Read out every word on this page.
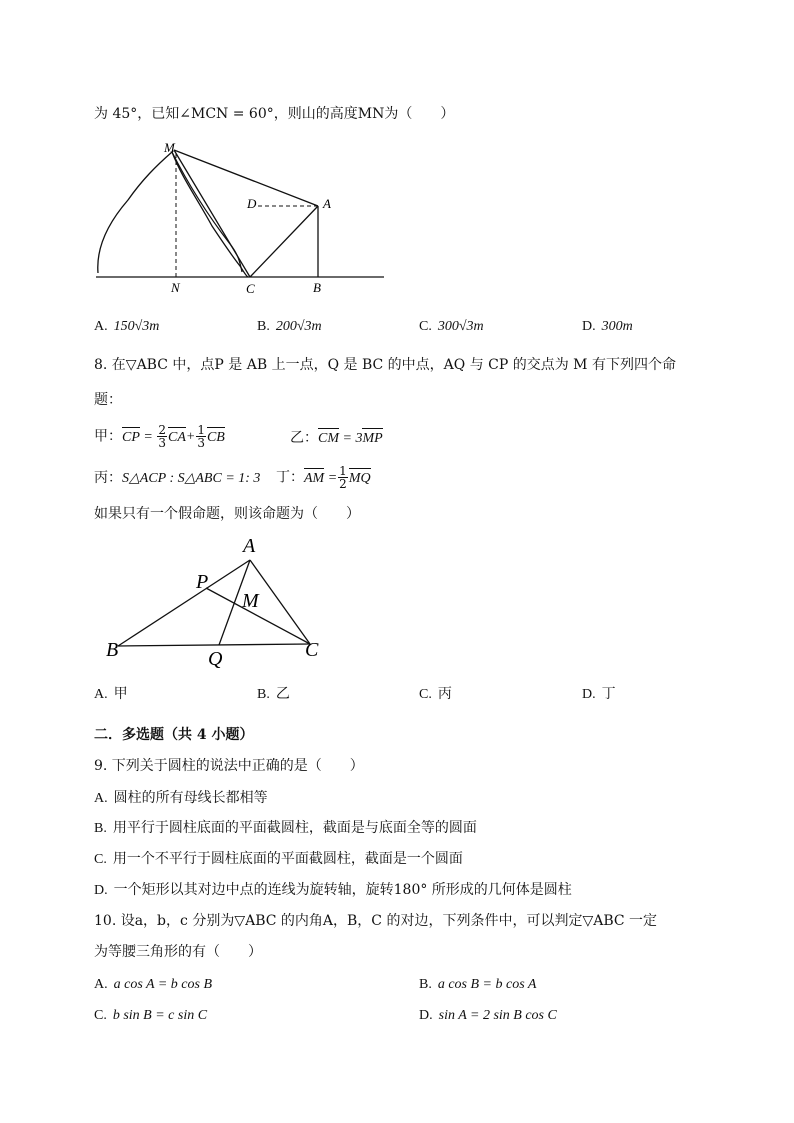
为 45°，已知∠MCN = 60°，则山的高度MN为（　　）
M
D	A
N	C	B
A. 150√3m	B. 200√3m	C. 300√3m	D. 300m
8. 在▽ABC 中，点P 是 AB 上一点，Q 是 BC 的中点，AQ 与 CP 的交点为 M 有下列四个命
题：
甲：CP = $\frac{2}{3} CA+ \frac{1}{3}$ CB	乙：CM = 3MP
丙：S△ACP : S△ABC = 1: 3 丁：AM = $\frac{1}{2}$ MQ
如果只有一个假命题，则该命题为（　　）
A
P
M
B	Q	C
A. 甲	B. 乙	C. 丙	D. 丁
二．多选题（共 4 小题）
9. 下列关于圆柱的说法中正确的是（　　）
A. 圆柱的所有母线长都相等
B. 用平行于圆柱底面的平面截圆柱，截面是与底面全等的圆面
C. 用一个不平行于圆柱底面的平面截圆柱，截面是一个圆面
D. 一个矩形以其对边中点的连线为旋转轴，旋转180° 所形成的几何体是圆柱
10. 设a，b，c 分别为▽ABC 的内角A，B，C 的对边，下列条件中，可以判定▽ABC 一定
为等腰三角形的有（　　）
A. a cos A = b cos B	B. a cos B = b cos A
C. b sin B = c sin C	D. sin A = 2 sin B cos C
